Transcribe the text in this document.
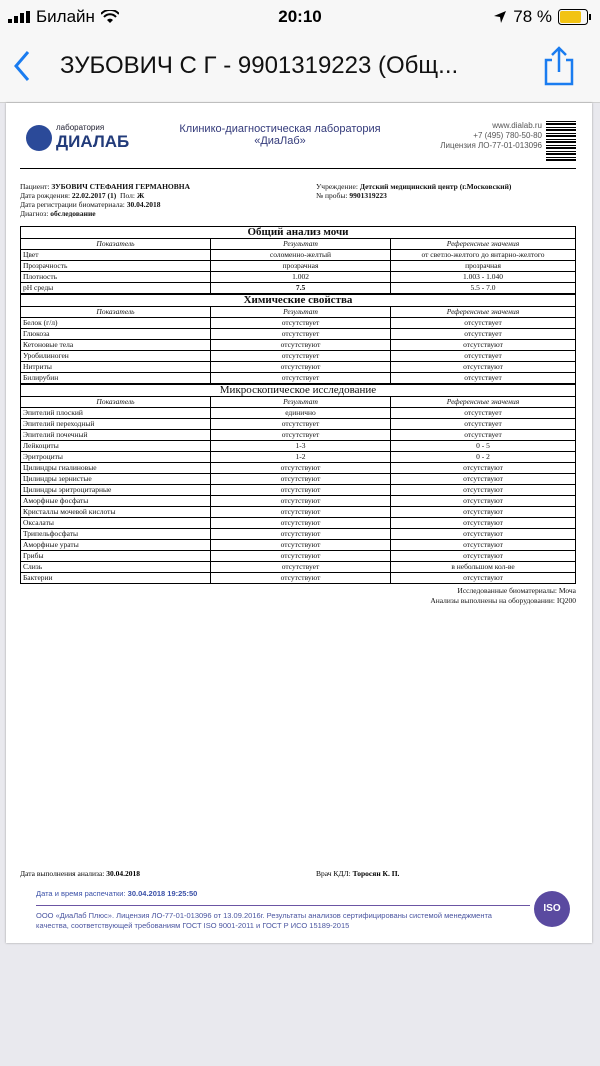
Билайн	20:10	78 %
ЗУБОВИЧ С Г - 9901319223 (Общ...
лаборатория
ДИАЛАБ
Клинико-диагностическая лаборатория
«ДиаЛаб»
www.dialab.ru
+7 (495) 780-50-80
Лицензия ЛО-77-01-013096
Пациент: ЗУБОВИЧ СТЕФАНИЯ ГЕРМАНОВНА
Дата рождения: 22.02.2017 (1) Пол: Ж
Дата регистрации биоматериала: 30.04.2018
Диагноз: обследование
Учреждение: Детский медицинский центр (г.Московский)
№ пробы: 9901319223
Общий анализ мочи
Показатель	Результат	Референсные значения
Цвет	соломенно-желтый	от светло-желтого до янтарно-желтого
Прозрачность	прозрачная	прозрачная
Плотность	1.002	1.003 - 1.040
pH среды	7.5	5.5 - 7.0
Химические свойства
Показатель	Результат	Референсные значения
Белок (г/л)	отсутствует	отсутствует
Глюкоза	отсутствует	отсутствует
Кетоновые тела	отсутствуют	отсутствуют
Уробилиноген	отсутствует	отсутствует
Нитриты	отсутствуют	отсутствуют
Билирубин	отсутствует	отсутствует
Микроскопическое исследование
Показатель	Результат	Референсные значения
Эпителий плоский	единично	отсутствует
Эпителий переходный	отсутствует	отсутствует
Эпителий почечный	отсутствует	отсутствует
Лейкоциты	1-3	0 - 5
Эритроциты	1-2	0 - 2
Цилиндры гиалиновые	отсутствуют	отсутствуют
Цилиндры зернистые	отсутствуют	отсутствуют
Цилиндры эритроцитарные	отсутствуют	отсутствуют
Аморфные фосфаты	отсутствуют	отсутствуют
Кристаллы мочевой кислоты	отсутствуют	отсутствуют
Оксалаты	отсутствуют	отсутствуют
Трипельфосфаты	отсутствуют	отсутствуют
Аморфные ураты	отсутствуют	отсутствуют
Грибы	отсутствуют	отсутствуют
Слизь	отсутствует	в небольшом кол-ве
Бактерии	отсутствуют	отсутствуют
Исследованные биоматериалы: Моча
Анализы выполнены на оборудовании: IQ200
Дата выполнения анализа: 30.04.2018	Врач КДЛ: Торосян К. П.
Дата и время распечатки: 30.04.2018 19:25:50
ООО «ДиаЛаб Плюс». Лицензия ЛО-77-01-013096 от 13.09.2016г. Результаты анализов сертифицированы системой менеджмента качества, соответствующей требованиям ГОСТ ISO 9001-2011 и ГОСТ Р ИСО 15189-2015
ISO
